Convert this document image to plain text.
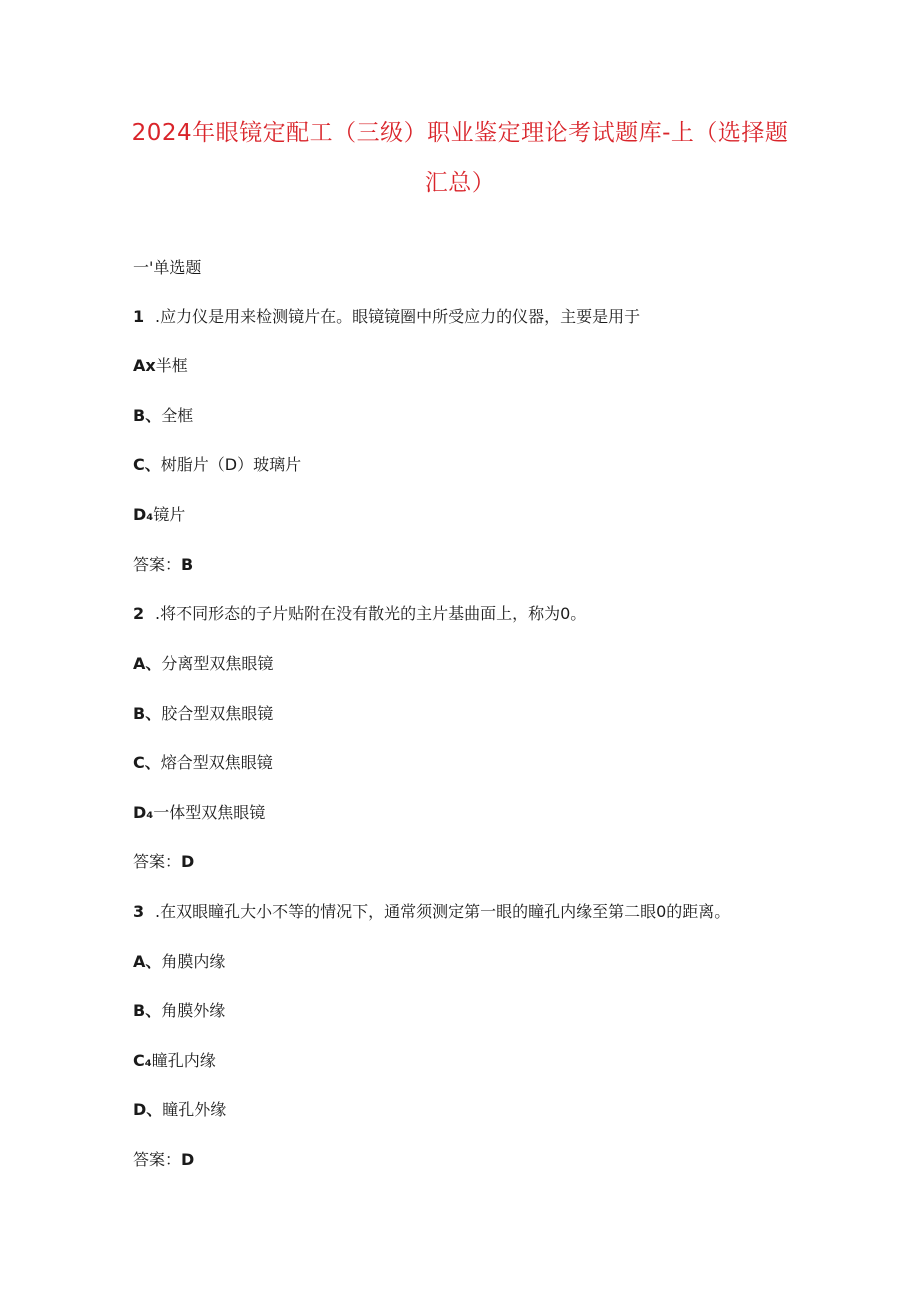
2024年眼镜定配工（三级）职业鉴定理论考试题库-上（选择题
汇总）

一'单选题

1 .应力仪是用来检测镜片在。眼镜镜圈中所受应力的仪器，主要是用于

Ax半框

B、全框

C、树脂片（D）玻璃片

D₄镜片

答案：B

2 .将不同形态的子片贴附在没有散光的主片基曲面上，称为0。

A、分离型双焦眼镜

B、胶合型双焦眼镜

C、熔合型双焦眼镜

D₄一体型双焦眼镜

答案：D

3 .在双眼瞳孔大小不等的情况下，通常须测定第一眼的瞳孔内缘至第二眼0的距离。

A、角膜内缘

B、角膜外缘

C₄瞳孔内缘

D、瞳孔外缘

答案：D
